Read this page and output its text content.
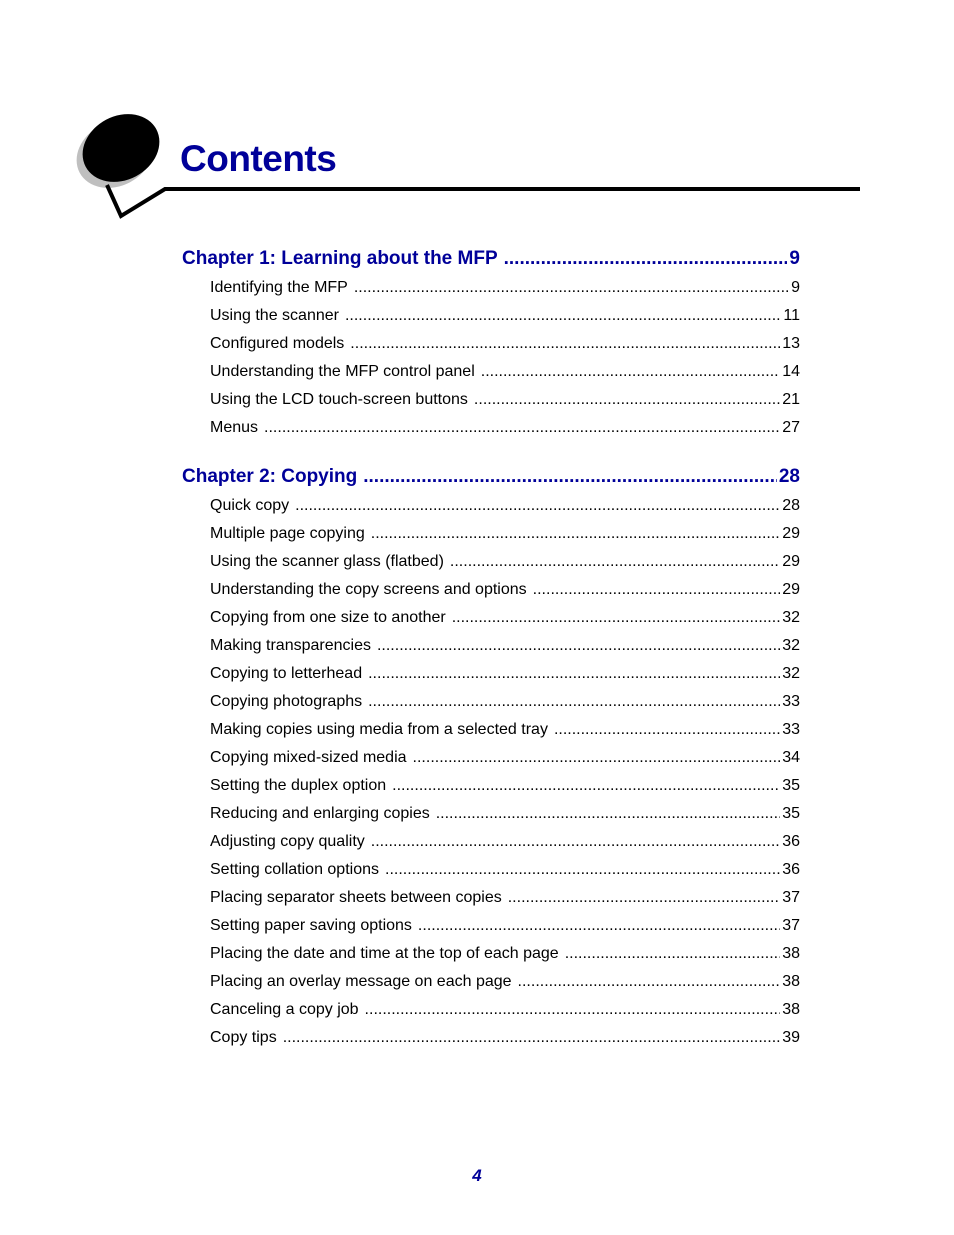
Contents
Chapter 1: Learning about the MFP .....	9
Identifying the MFP .....	9
Using the scanner .....	11
Configured models .....	13
Understanding the MFP control panel .....	14
Using the LCD touch-screen buttons .....	21
Menus .....	27
Chapter 2: Copying .....	28
Quick copy .....	28
Multiple page copying .....	29
Using the scanner glass (flatbed) .....	29
Understanding the copy screens and options .....	29
Copying from one size to another .....	32
Making transparencies .....	32
Copying to letterhead .....	32
Copying photographs .....	33
Making copies using media from a selected tray .....	33
Copying mixed-sized media .....	34
Setting the duplex option .....	35
Reducing and enlarging copies .....	35
Adjusting copy quality .....	36
Setting collation options .....	36
Placing separator sheets between copies .....	37
Setting paper saving options .....	37
Placing the date and time at the top of each page .....	38
Placing an overlay message on each page .....	38
Canceling a copy job .....	38
Copy tips .....	39
4
